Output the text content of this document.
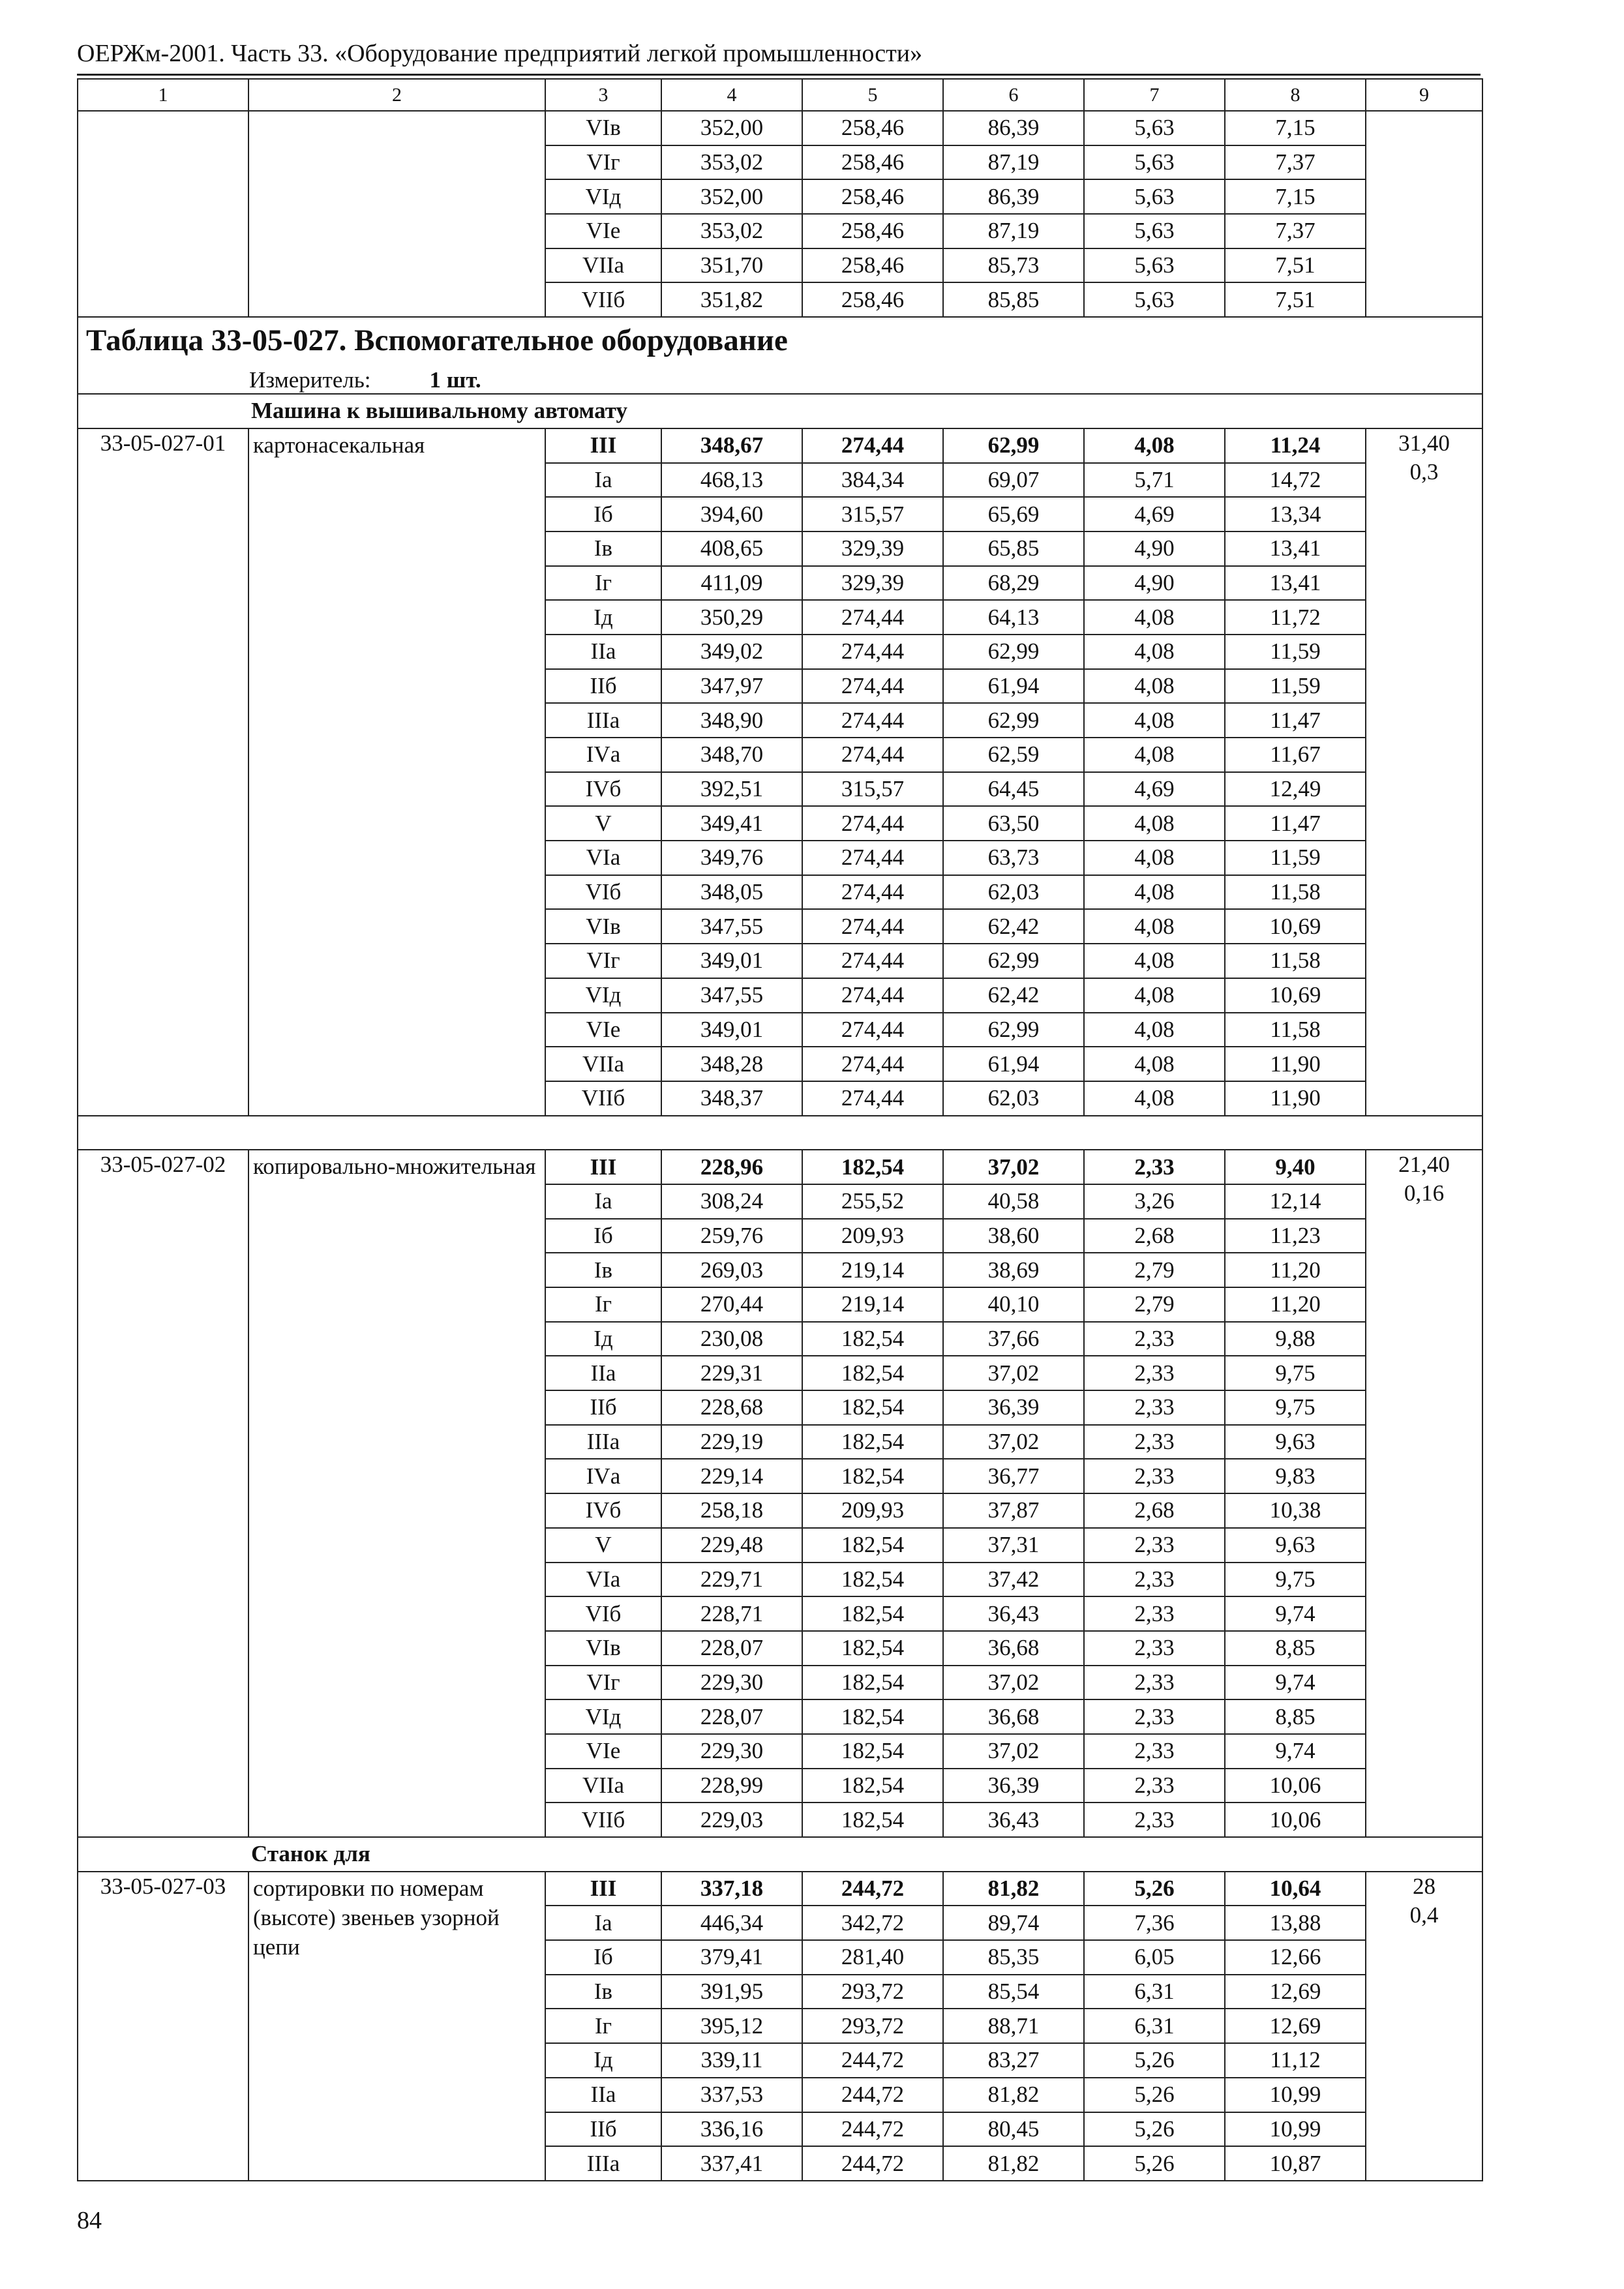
ОЕРЖм-2001. Часть 33. «Оборудование предприятий легкой промышленности»
1	2	3	4	5	6	7	8	9
		VIв	352,00	258,46	86,39	5,63	7,15	
		VIг	353,02	258,46	87,19	5,63	7,37	
		VIд	352,00	258,46	86,39	5,63	7,15	
		VIе	353,02	258,46	87,19	5,63	7,37	
		VIIа	351,70	258,46	85,73	5,63	7,51	
		VIIб	351,82	258,46	85,85	5,63	7,51	

Таблица 33-05-027. Вспомогательное оборудование
Измеритель: 1 шт.								

Машина к вышивальному автомату								
33-05-027-01	картонасекальная	III	348,67	274,44	62,99	4,08	11,24	31,40
0,3

		Iа	468,13	384,34	69,07	5,71	14,72	
		Iб	394,60	315,57	65,69	4,69	13,34	
		Iв	408,65	329,39	65,85	4,90	13,41	
		Iг	411,09	329,39	68,29	4,90	13,41	
		Iд	350,29	274,44	64,13	4,08	11,72	
		IIа	349,02	274,44	62,99	4,08	11,59	
		IIб	347,97	274,44	61,94	4,08	11,59	
		IIIа	348,90	274,44	62,99	4,08	11,47	
		IVа	348,70	274,44	62,59	4,08	11,67	
		IVб	392,51	315,57	64,45	4,69	12,49	
		V	349,41	274,44	63,50	4,08	11,47	
		VIа	349,76	274,44	63,73	4,08	11,59	
		VIб	348,05	274,44	62,03	4,08	11,58	
		VIв	347,55	274,44	62,42	4,08	10,69	
		VIг	349,01	274,44	62,99	4,08	11,58	
		VIд	347,55	274,44	62,42	4,08	10,69	
		VIе	349,01	274,44	62,99	4,08	11,58	
		VIIа	348,28	274,44	61,94	4,08	11,90	
		VIIб	348,37	274,44	62,03	4,08	11,90	

33-05-027-02	копировально-множительная	III	228,96	182,54	37,02	2,33	9,40	21,40
0,16

		Iа	308,24	255,52	40,58	3,26	12,14	
		Iб	259,76	209,93	38,60	2,68	11,23	
		Iв	269,03	219,14	38,69	2,79	11,20	
		Iг	270,44	219,14	40,10	2,79	11,20	
		Iд	230,08	182,54	37,66	2,33	9,88	
		IIа	229,31	182,54	37,02	2,33	9,75	
		IIб	228,68	182,54	36,39	2,33	9,75	
		IIIа	229,19	182,54	37,02	2,33	9,63	
		IVа	229,14	182,54	36,77	2,33	9,83	
		IVб	258,18	209,93	37,87	2,68	10,38	
		V	229,48	182,54	37,31	2,33	9,63	
		VIа	229,71	182,54	37,42	2,33	9,75	
		VIб	228,71	182,54	36,43	2,33	9,74	
		VIв	228,07	182,54	36,68	2,33	8,85	
		VIг	229,30	182,54	37,02	2,33	9,74	
		VIд	228,07	182,54	36,68	2,33	8,85	
		VIе	229,30	182,54	37,02	2,33	9,74	
		VIIа	228,99	182,54	36,39	2,33	10,06	
		VIIб	229,03	182,54	36,43	2,33	10,06	
Станок для								
33-05-027-03	сортировки по номерам (высоте) звеньев узорной цепи	III	337,18	244,72	81,82	5,26	10,64	28
0,4

		Iа	446,34	342,72	89,74	7,36	13,88	
		Iб	379,41	281,40	85,35	6,05	12,66	
		Iв	391,95	293,72	85,54	6,31	12,69	
		Iг	395,12	293,72	88,71	6,31	12,69	
		Iд	339,11	244,72	83,27	5,26	11,12	
		IIа	337,53	244,72	81,82	5,26	10,99	
		IIб	336,16	244,72	80,45	5,26	10,99	
		IIIа	337,41	244,72	81,82	5,26	10,87	
84
